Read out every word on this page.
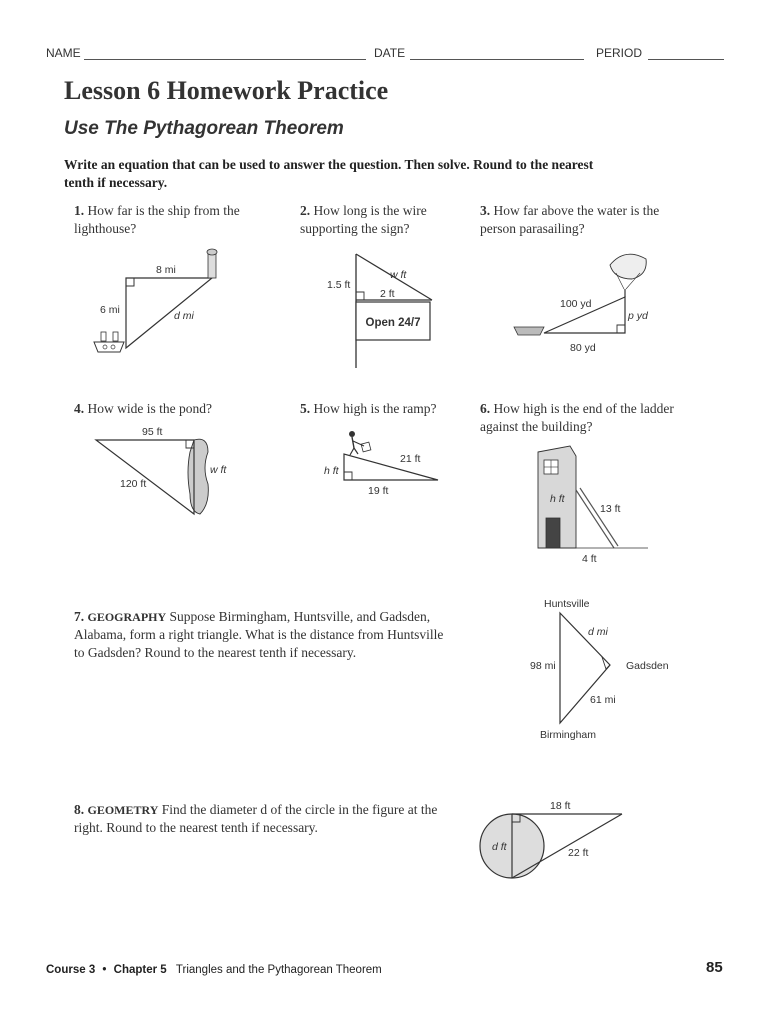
NAME	DATE	PERIOD
Lesson 6 Homework Practice
Use The Pythagorean Theorem
Write an equation that can be used to answer the question. Then solve. Round to the nearest tenth if necessary.
1. How far is the ship from the lighthouse?
8 mi
6 mi	d mi
2. How long is the wire supporting the sign?
Open 24/7
1.5 ft
w ft
2 ft
3. How far above the water is the person parasailing?
100 yd
p yd
80 yd
4. How wide is the pond?
95 ft
120 ft
w ft
5. How high is the ramp?
21 ft
h ft
19 ft
6. How high is the end of the ladder against the building?
h ft
13 ft
4 ft
7. GEOGRAPHY Suppose Birmingham, Huntsville, and Gadsden, Alabama, form a right triangle. What is the distance from Huntsville to Gadsden? Round to the nearest tenth if necessary.
Huntsville
Birmingham
Gadsden
98 mi
d mi
61 mi
8. GEOMETRY Find the diameter d of the circle in the figure at the right. Round to the nearest tenth if necessary.
18 ft
d ft	22 ft
Course 3 • Chapter 5 Triangles and the Pythagorean Theorem	85
